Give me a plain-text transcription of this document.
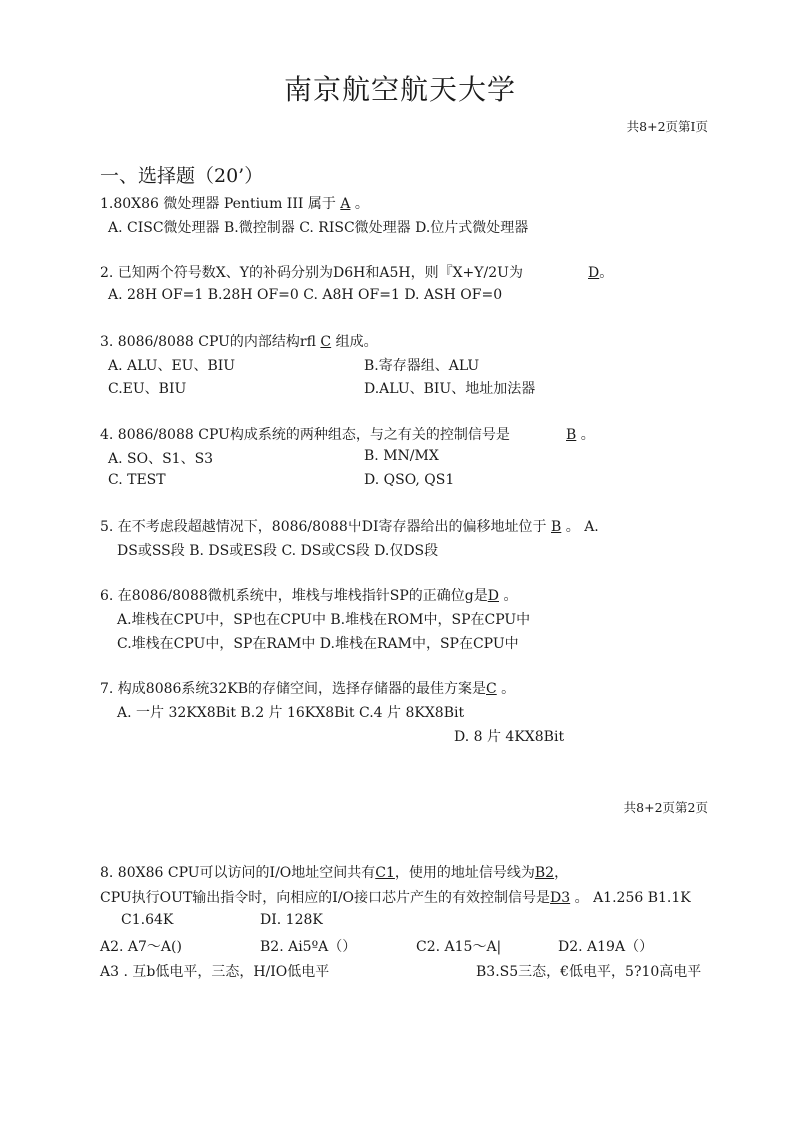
南京航空航天大学
共8+2页第I页
一、选择题（20’）
1.80X86 微处理器 Pentium III 属于 A 。
A. CISC微处理器 B.微控制器 C. RISC微处理器 D.位片式微处理器
2. 已知两个符号数X、Y的补码分别为D6H和A5H，则『X+Y/2U为	D。
A. 28H OF=1 B.28H OF=0 C. A8H OF=1 D. ASH OF=0
3. 8086/8088 CPU的内部结构rfl C 组成。
A. ALU、EU、BIU	B.寄存器组、ALU
C.EU、BIU	D.ALU、BIU、地址加法器
4. 8086/8088 CPU构成系统的两种组态，与之有关的控制信号是	B 。
A. SO、S1、S3	B. MN/MX
C. TEST	D. QSO, QS1
5. 在不考虑段超越情况下，8086/8088屮DI寄存器给出的偏移地址位于 B 。 A.
DS或SS段 B. DS或ES段 C. DS或CS段 D.仅DS段
6. 在8086/8088微机系统中，堆栈与堆栈指针SP的正确位g是D 。
A.堆栈在CPU中，SP也在CPU中 B.堆栈在ROM中，SP在CPU中
C.堆栈在CPU中，SP在RAM中 D.堆栈在RAM中，SP在CPU中
7. 构成8086系统32KB的存储空间，选择存储器的最佳方案是C 。
A. 一片 32KX8Bit B.2 片 16KX8Bit C.4 片 8KX8Bit
D. 8 片 4KX8Bit
共8+2页第2页
8. 80X86 CPU可以访问的I/O地址空间共有C1，使用的地址信号线为B2，
CPU执行OUT输出指令时，向相应的I/O接口芯片产生的有效控制信号是D3 。 A1.256 B1.1K
C1.64K	DI. 128K
A2. A7～A()	B2. Ai5ºA（）	C2. A15～A|	D2. A19A（）
A3 . 互b低电平，三态，H/IO低电平	B3.S5三态，€低电平，5?10高电平
